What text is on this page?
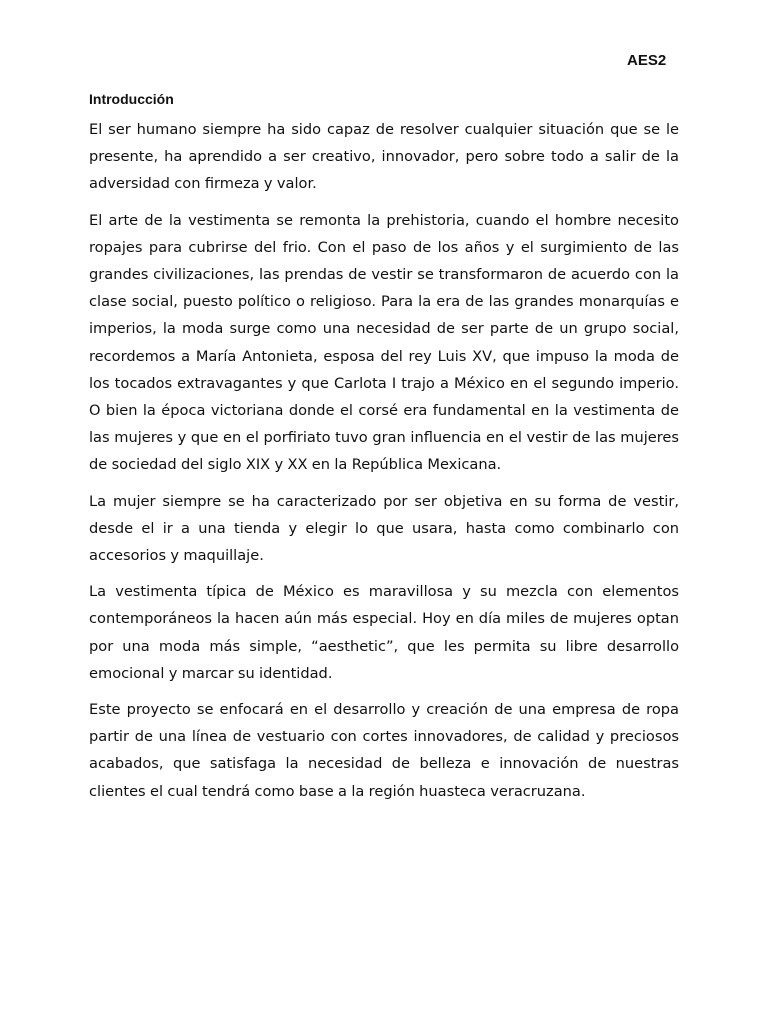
AES2
Introducción

El ser humano siempre ha sido capaz de resolver cualquier situación que se le presente, ha aprendido a ser creativo, innovador, pero sobre todo a salir de la adversidad con firmeza y valor.

El arte de la vestimenta se remonta la prehistoria, cuando el hombre necesito ropajes para cubrirse del frio. Con el paso de los años y el surgimiento de las grandes civilizaciones, las prendas de vestir se transformaron de acuerdo con la clase social, puesto político o religioso. Para la era de las grandes monarquías e imperios, la moda surge como una necesidad de ser parte de un grupo social, recordemos a María Antonieta, esposa del rey Luis XV, que impuso la moda de los tocados extravagantes y que Carlota I trajo a México en el segundo imperio. O bien la época victoriana donde el corsé era fundamental en la vestimenta de las mujeres y que en el porfiriato tuvo gran influencia en el vestir de las mujeres de sociedad del siglo XIX y XX en la República Mexicana.

La mujer siempre se ha caracterizado por ser objetiva en su forma de vestir, desde el ir a una tienda y elegir lo que usara, hasta como combinarlo con accesorios y maquillaje.

La vestimenta típica de México es maravillosa y su mezcla con elementos contemporáneos la hacen aún más especial. Hoy en día miles de mujeres optan por una moda más simple, “aesthetic”, que les permita su libre desarrollo emocional y marcar su identidad.

Este proyecto se enfocará en el desarrollo y creación de una empresa de ropa partir de una línea de vestuario con cortes innovadores, de calidad y preciosos acabados, que satisfaga la necesidad de belleza e innovación de nuestras clientes el cual tendrá como base a la región huasteca veracruzana.
